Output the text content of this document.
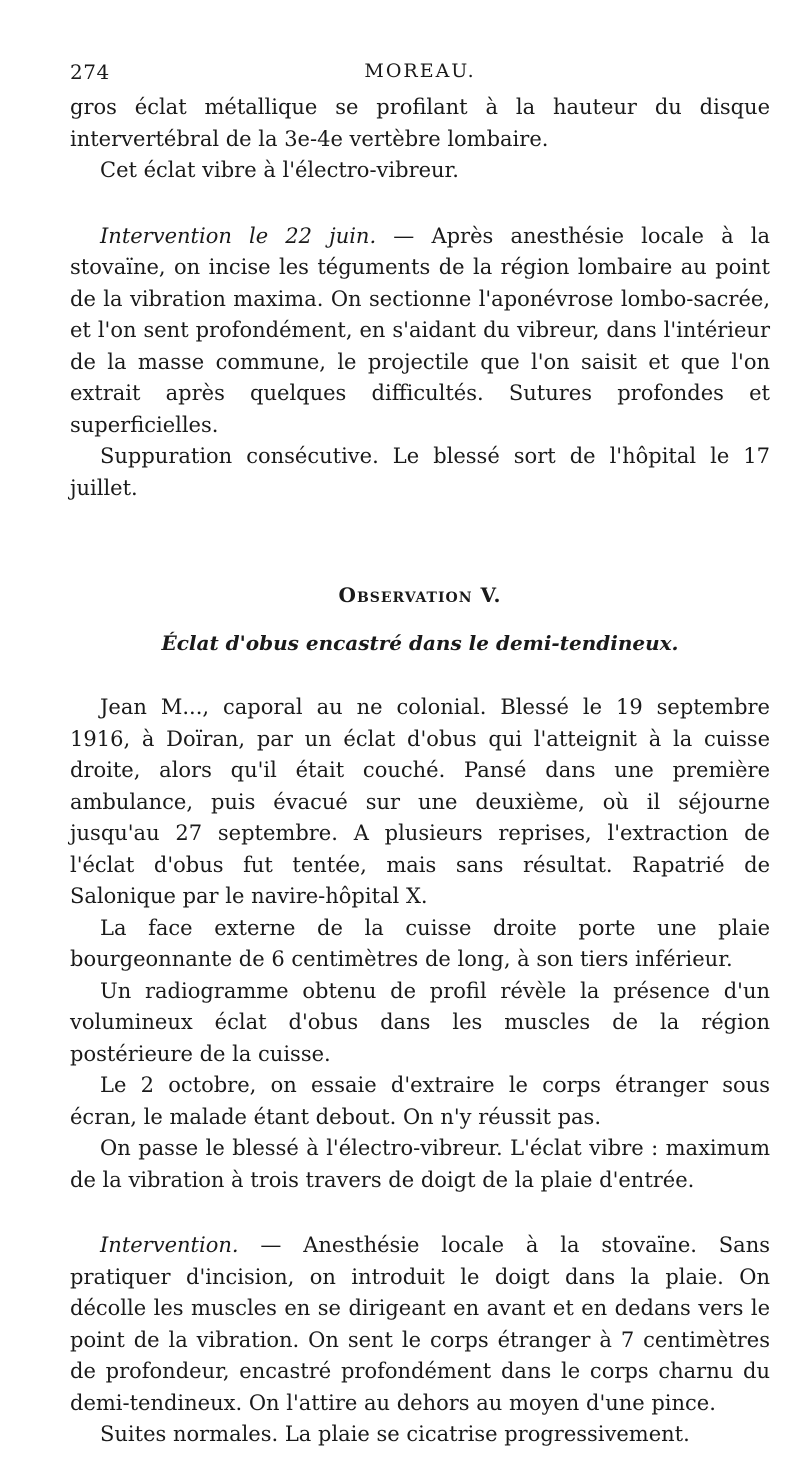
274	MOREAU.

gros éclat métallique se profilant à la hauteur du disque intervertébral de la 3e-4e vertèbre lombaire.

Cet éclat vibre à l'électro-vibreur.

Intervention le 22 juin. — Après anesthésie locale à la stovaïne, on incise les téguments de la région lombaire au point de la vibration maxima. On sectionne l'aponévrose lombo-sacrée, et l'on sent profondément, en s'aidant du vibreur, dans l'intérieur de la masse commune, le projectile que l'on saisit et que l'on extrait après quelques difficultés. Sutures profondes et superficielles.

Suppuration consécutive. Le blessé sort de l'hôpital le 17 juillet.

Observation V.
Éclat d'obus encastré dans le demi-tendineux.

Jean M..., caporal au ne colonial. Blessé le 19 septembre 1916, à Doïran, par un éclat d'obus qui l'atteignit à la cuisse droite, alors qu'il était couché. Pansé dans une première ambulance, puis évacué sur une deuxième, où il séjourne jusqu'au 27 septembre. A plusieurs reprises, l'extraction de l'éclat d'obus fut tentée, mais sans résultat. Rapatrié de Salonique par le navire-hôpital X.

La face externe de la cuisse droite porte une plaie bourgeonnante de 6 centimètres de long, à son tiers inférieur.

Un radiogramme obtenu de profil révèle la présence d'un volumineux éclat d'obus dans les muscles de la région postérieure de la cuisse.

Le 2 octobre, on essaie d'extraire le corps étranger sous écran, le malade étant debout. On n'y réussit pas.

On passe le blessé à l'électro-vibreur. L'éclat vibre : maximum de la vibration à trois travers de doigt de la plaie d'entrée.

Intervention. — Anesthésie locale à la stovaïne. Sans pratiquer d'incision, on introduit le doigt dans la plaie. On décolle les muscles en se dirigeant en avant et en dedans vers le point de la vibration. On sent le corps étranger à 7 centimètres de profondeur, encastré profondément dans le corps charnu du demi-tendineux. On l'attire au dehors au moyen d'une pince.

Suites normales. La plaie se cicatrise progressivement.
